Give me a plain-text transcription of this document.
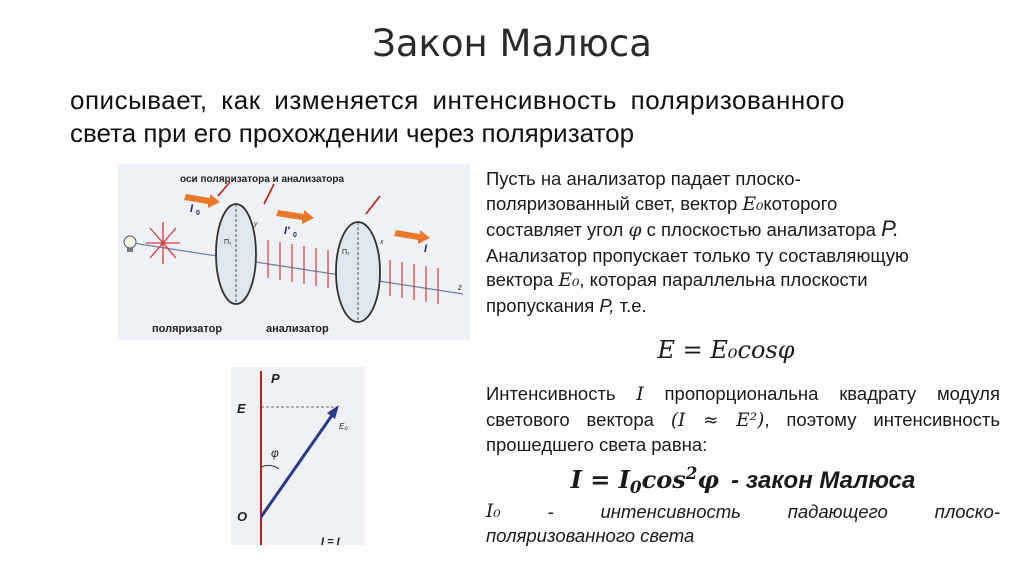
Закон Малюса
описывает, как изменяется интенсивность поляризованного
света при его прохождении через поляризатор
оси поляризатора и анализатора
П₁
П₂
I 0
I' 0
I
z
x
y
поляризатор	анализатор
φ
P
E
O
E₀
I = I

Пусть на анализатор падает плоско-

поляризованный свет, вектор E₀которого

составляет угол φ с плоскостью анализатора P.

Анализатор пропускает только ту составляющую

вектора E₀, которая параллельна плоскости

пропускания P, т.е.

E = E₀cosφ
Интенсивность I пропорциональна квадрату модуля светового вектора (I ≈ E²), поэтому интенсивность прошедшего света равна:
$I = I_0\cos^2\varphi$ - закон Малюса
I₀	-	интенсивность	падающего	плоско-
поляризованного света
